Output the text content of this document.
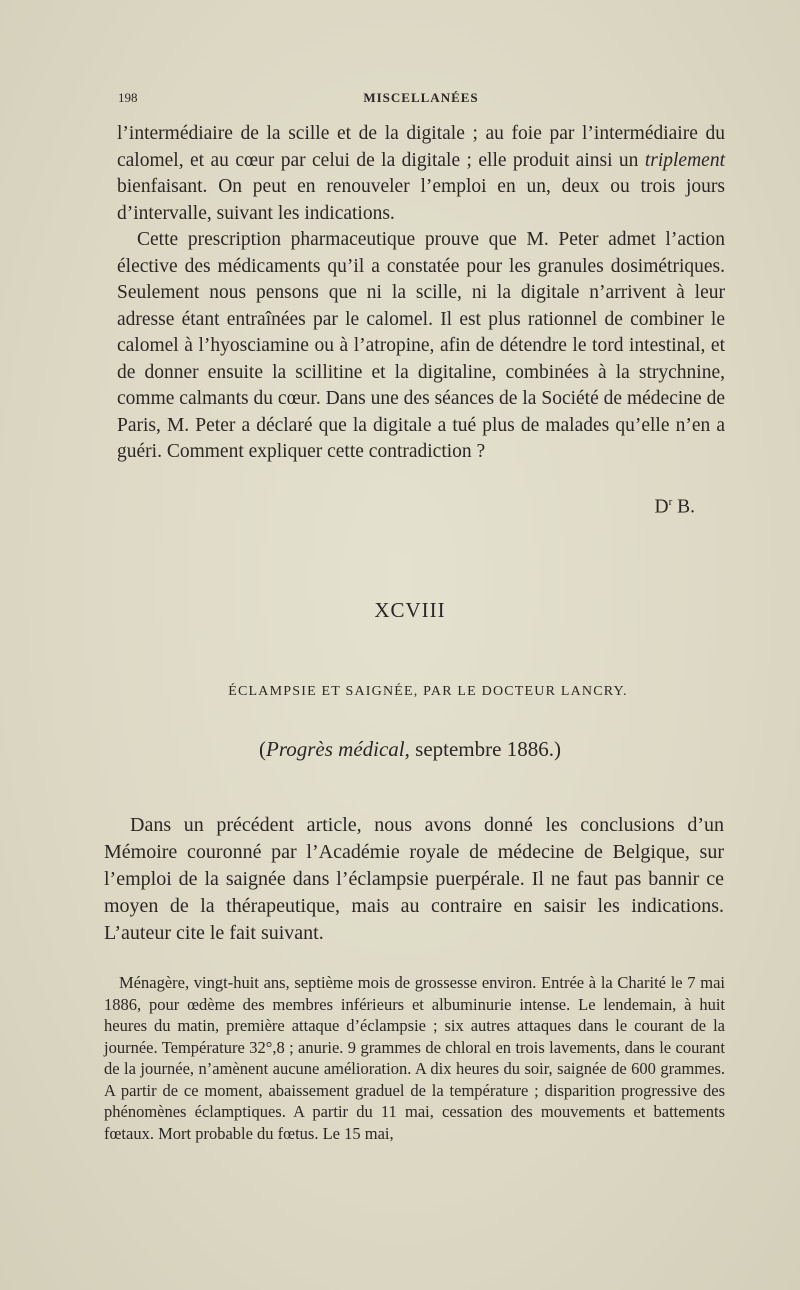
198	MISCELLANÉES

l’intermédiaire de la scille et de la digitale ; au foie par l’intermédiaire du calomel, et au cœur par celui de la digitale ; elle produit ainsi un triplement bienfaisant. On peut en renouveler l’emploi en un, deux ou trois jours d’intervalle, suivant les indications.

Cette prescription pharmaceutique prouve que M. Peter admet l’action élective des médicaments qu’il a constatée pour les granules dosimétriques. Seulement nous pensons que ni la scille, ni la digitale n’arrivent à leur adresse étant entraînées par le calomel. Il est plus rationnel de combiner le calomel à l’hyosciamine ou à l’atropine, afin de détendre le tord intestinal, et de donner ensuite la scillitine et la digitaline, combinées à la strychnine, comme calmants du cœur. Dans une des séances de la Société de médecine de Paris, M. Peter a déclaré que la digitale a tué plus de malades qu’elle n’en a guéri. Comment expliquer cette contradiction ?

$D^r$ B.
XCVIII
ÉCLAMPSIE ET SAIGNÉE, PAR LE DOCTEUR LANCRY.
(Progrès médical, septembre 1886.)

Dans un précédent article, nous avons donné les conclusions d’un Mémoire couronné par l’Académie royale de médecine de Belgique, sur l’emploi de la saignée dans l’éclampsie puerpérale. Il ne faut pas bannir ce moyen de la thérapeutique, mais au contraire en saisir les indications. L’auteur cite le fait suivant.

Ménagère, vingt-huit ans, septième mois de grossesse environ. Entrée à la Charité le 7 mai 1886, pour œdème des membres inférieurs et albuminurie intense. Le lendemain, à huit heures du matin, première attaque d’éclampsie ; six autres attaques dans le courant de la journée. Température 32°,8 ; anurie. 9 grammes de chloral en trois lavements, dans le courant de la journée, n’amènent aucune amélioration. A dix heures du soir, saignée de 600 grammes. A partir de ce moment, abaissement graduel de la température ; disparition progressive des phénomènes éclamptiques. A partir du 11 mai, cessation des mouvements et battements fœtaux. Mort probable du fœtus. Le 15 mai,
